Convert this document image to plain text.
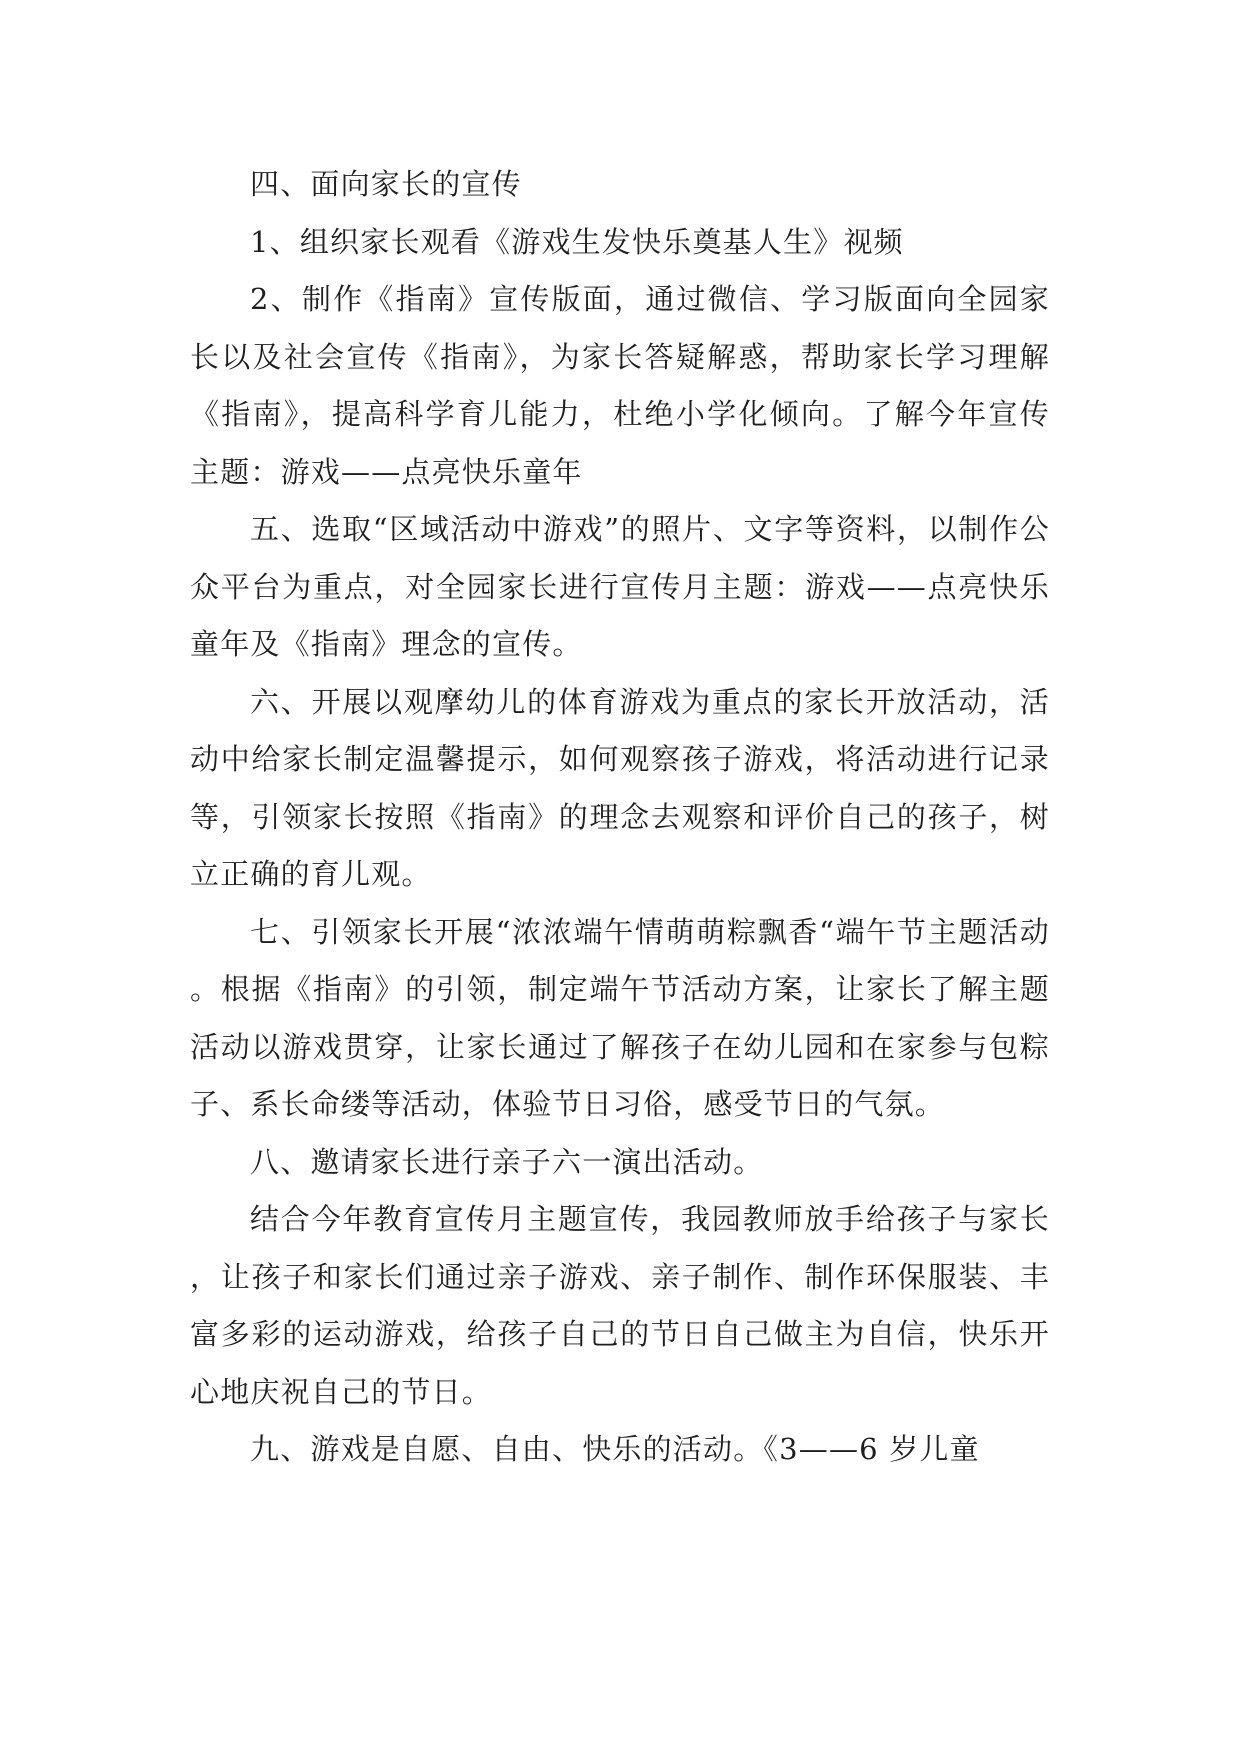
四、面向家长的宣传

1、组织家长观看《游戏生发快乐奠基人生》视频

2、制作《指南》宣传版面，通过微信、学习版面向全园家长以及社会宣传《指南》，为家长答疑解惑，帮助家长学习理解《指南》，提高科学育儿能力，杜绝小学化倾向。了解今年宣传主题：游戏——点亮快乐童年

五、选取“区域活动中游戏”的照片、文字等资料，以制作公众平台为重点，对全园家长进行宣传月主题：游戏——点亮快乐童年及《指南》理念的宣传。

六、开展以观摩幼儿的体育游戏为重点的家长开放活动，活动中给家长制定温馨提示，如何观察孩子游戏，将活动进行记录等，引领家长按照《指南》的理念去观察和评价自己的孩子，树立正确的育儿观。

七、引领家长开展“浓浓端午情萌萌粽飘香“端午节主题活动。根据《指南》的引领，制定端午节活动方案，让家长了解主题活动以游戏贯穿，让家长通过了解孩子在幼儿园和在家参与包粽子、系长命缕等活动，体验节日习俗，感受节日的气氛。

八、邀请家长进行亲子六一演出活动。

结合今年教育宣传月主题宣传，我园教师放手给孩子与家长，让孩子和家长们通过亲子游戏、亲子制作、制作环保服装、丰富多彩的运动游戏，给孩子自己的节日自己做主为自信，快乐开心地庆祝自己的节日。

九、游戏是自愿、自由、快乐的活动。《3——6 岁儿童
